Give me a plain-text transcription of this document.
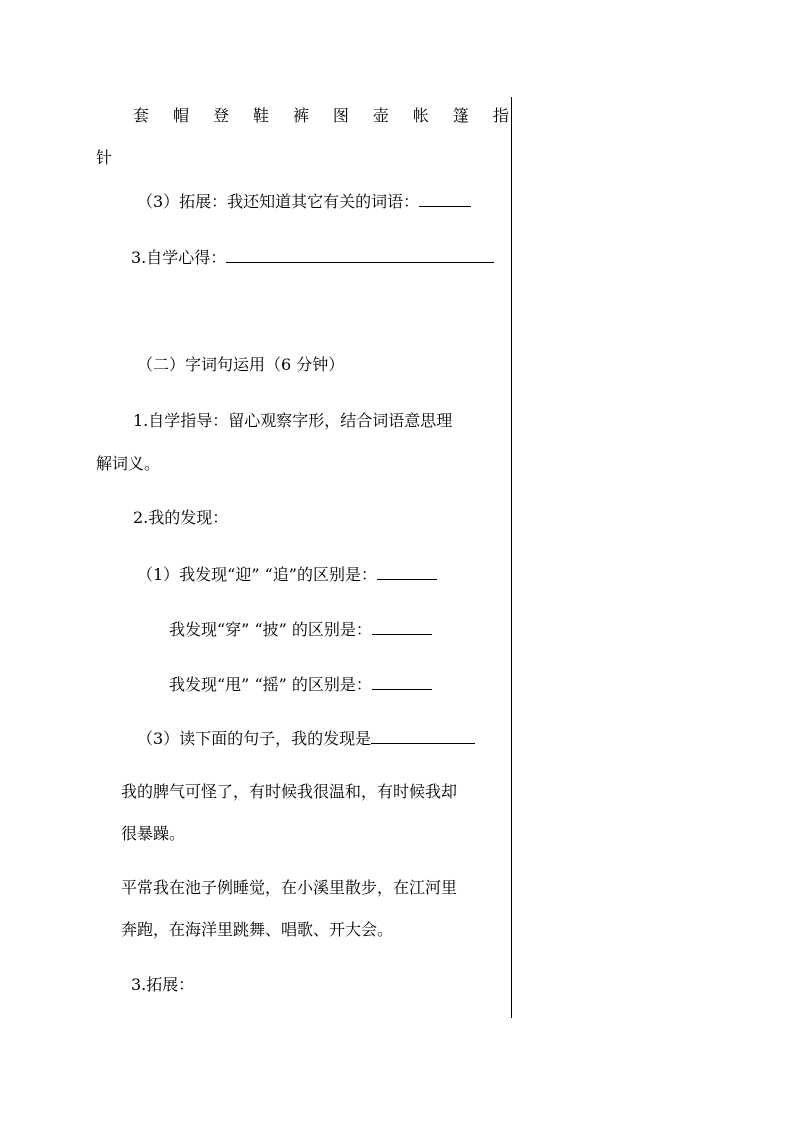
套 帽 登 鞋 裤 图 壶 帐 篷 指
针
（3）拓展：我还知道其它有关的词语：
3.自学心得：
（二）字词句运用（6 分钟）
1.自学指导：留心观察字形，结合词语意思理
解词义。
2.我的发现：
（1）我发现“迎” “追”的区别是：
我发现“穿” “披” 的区别是：
我发现“甩” “摇” 的区别是：
（3）读下面的句子，我的发现是
我的脾气可怪了，有时候我很温和，有时候我却
很暴躁。
平常我在池子例睡觉，在小溪里散步，在江河里
奔跑，在海洋里跳舞、唱歌、开大会。
3.拓展：
